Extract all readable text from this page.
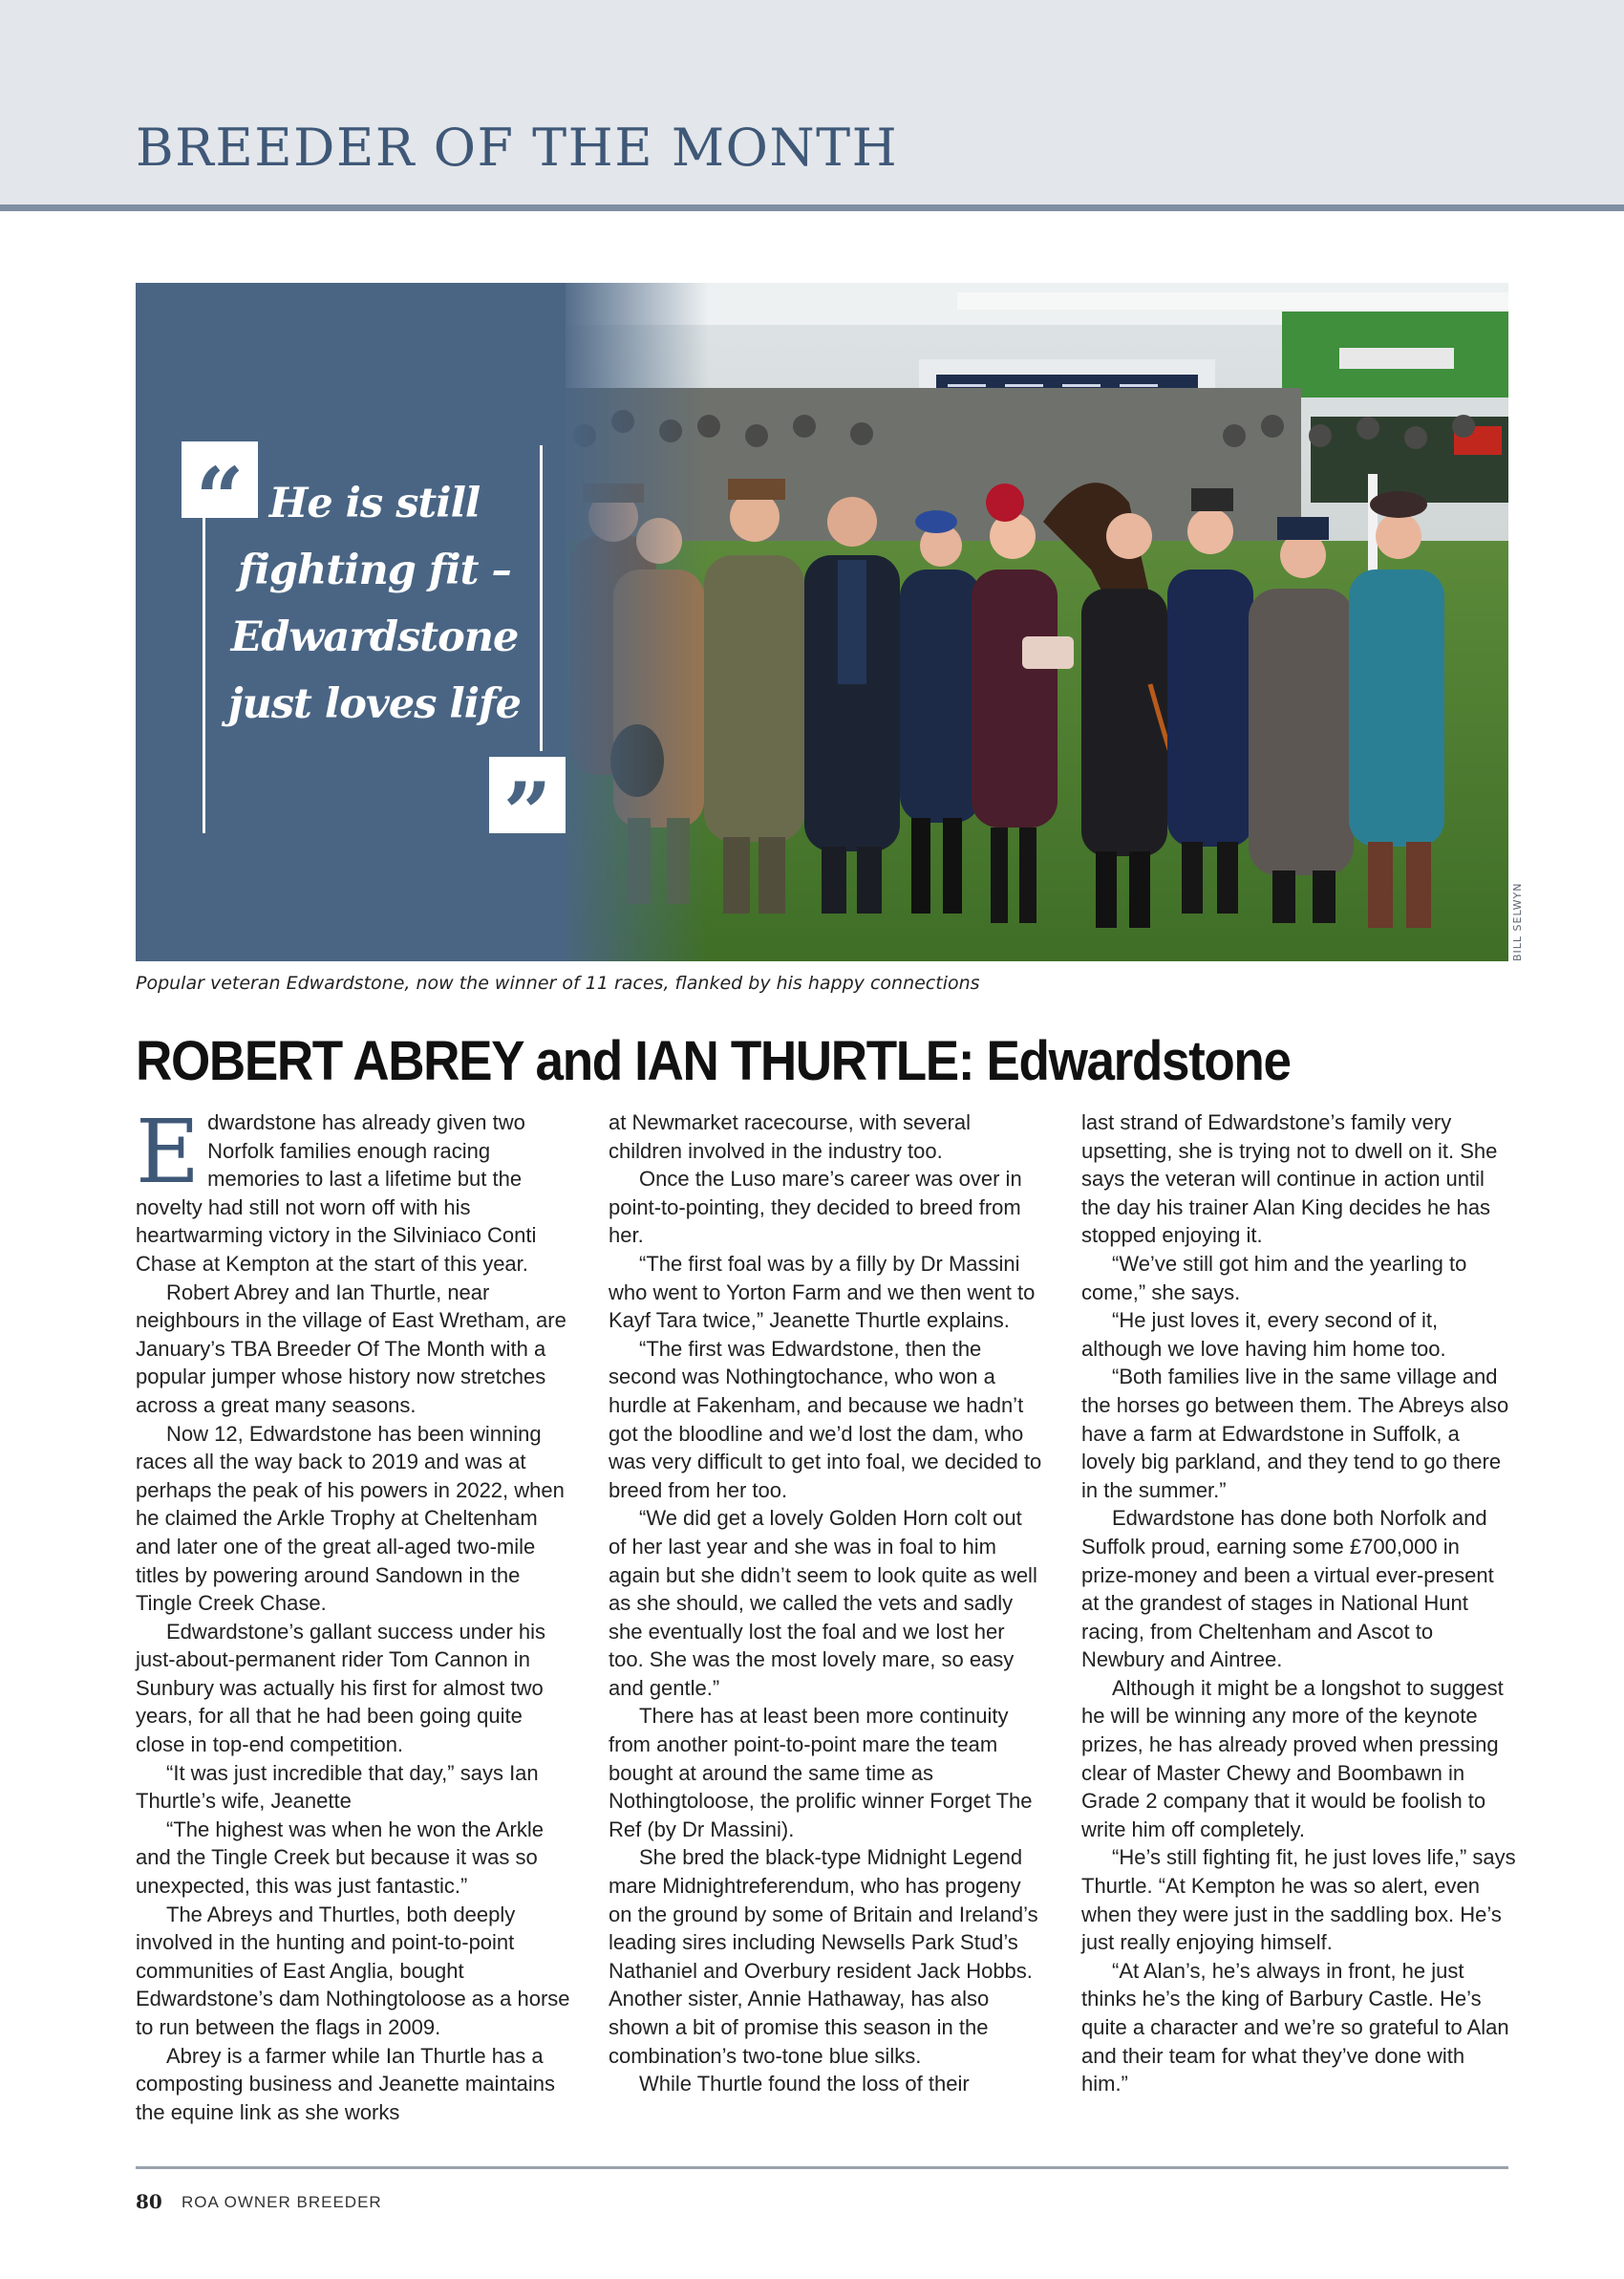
BREEDER OF THE MONTH
“
”
He is still fighting fit – Edwardstone just loves life
BILL SELWYN
Popular veteran Edwardstone, now the winner of 11 races, flanked by his happy connections
ROBERT ABREY and IAN THURTLE: Edwardstone
E dwardstone has already given two Norfolk families enough racing memories to last a lifetime but the novelty had still not worn off with his heartwarming victory in the Silviniaco Conti Chase at Kempton at the start of this year.

Robert Abrey and Ian Thurtle, near neighbours in the village of East Wretham, are January’s TBA Breeder Of The Month with a popular jumper whose history now stretches across a great many seasons.

Now 12, Edwardstone has been winning races all the way back to 2019 and was at perhaps the peak of his powers in 2022, when he claimed the Arkle Trophy at Cheltenham and later one of the great all-aged two-mile titles by powering around Sandown in the Tingle Creek Chase.

Edwardstone’s gallant success under his just-about-permanent rider Tom Cannon in Sunbury was actually his first for almost two years, for all that he had been going quite close in top-end competition.

“It was just incredible that day,” says Ian Thurtle’s wife, Jeanette

“The highest was when he won the Arkle and the Tingle Creek but because it was so unexpected, this was just fantastic.”

The Abreys and Thurtles, both deeply involved in the hunting and point-to-point communities of East Anglia, bought Edwardstone’s dam Nothingtoloose as a horse to run between the flags in 2009.

Abrey is a farmer while Ian Thurtle has a composting business and Jeanette maintains the equine link as she works

at Newmarket racecourse, with several children involved in the industry too.

Once the Luso mare’s career was over in point-to-pointing, they decided to breed from her.

“The first foal was by a filly by Dr Massini who went to Yorton Farm and we then went to Kayf Tara twice,” Jeanette Thurtle explains.

“The first was Edwardstone, then the second was Nothingtochance, who won a hurdle at Fakenham, and because we hadn’t got the bloodline and we’d lost the dam, who was very difficult to get into foal, we decided to breed from her too.

“We did get a lovely Golden Horn colt out of her last year and she was in foal to him again but she didn’t seem to look quite as well as she should, we called the vets and sadly she eventually lost the foal and we lost her too. She was the most lovely mare, so easy and gentle.”

There has at least been more continuity from another point-to-point mare the team bought at around the same time as Nothingtoloose, the prolific winner Forget The Ref (by Dr Massini).

She bred the black-type Midnight Legend mare Midnightreferendum, who has progeny on the ground by some of Britain and Ireland’s leading sires including Newsells Park Stud’s Nathaniel and Overbury resident Jack Hobbs. Another sister, Annie Hathaway, has also shown a bit of promise this season in the combination’s two-tone blue silks.

While Thurtle found the loss of their

last strand of Edwardstone’s family very upsetting, she is trying not to dwell on it. She says the veteran will continue in action until the day his trainer Alan King decides he has stopped enjoying it.

“We’ve still got him and the yearling to come,” she says.

“He just loves it, every second of it, although we love having him home too.

“Both families live in the same village and the horses go between them. The Abreys also have a farm at Edwardstone in Suffolk, a lovely big parkland, and they tend to go there in the summer.”

Edwardstone has done both Norfolk and Suffolk proud, earning some £700,000 in prize-money and been a virtual ever-present at the grandest of stages in National Hunt racing, from Cheltenham and Ascot to Newbury and Aintree.

Although it might be a longshot to suggest he will be winning any more of the keynote prizes, he has already proved when pressing clear of Master Chewy and Boombawn in Grade 2 company that it would be foolish to write him off completely.

“He’s still fighting fit, he just loves life,” says Thurtle. “At Kempton he was so alert, even when they were just in the saddling box. He’s just really enjoying himself.

“At Alan’s, he’s always in front, he just thinks he’s the king of Barbury Castle. He’s quite a character and we’re so grateful to Alan and their team for what they’ve done with him.”

80 ROA OWNER BREEDER
